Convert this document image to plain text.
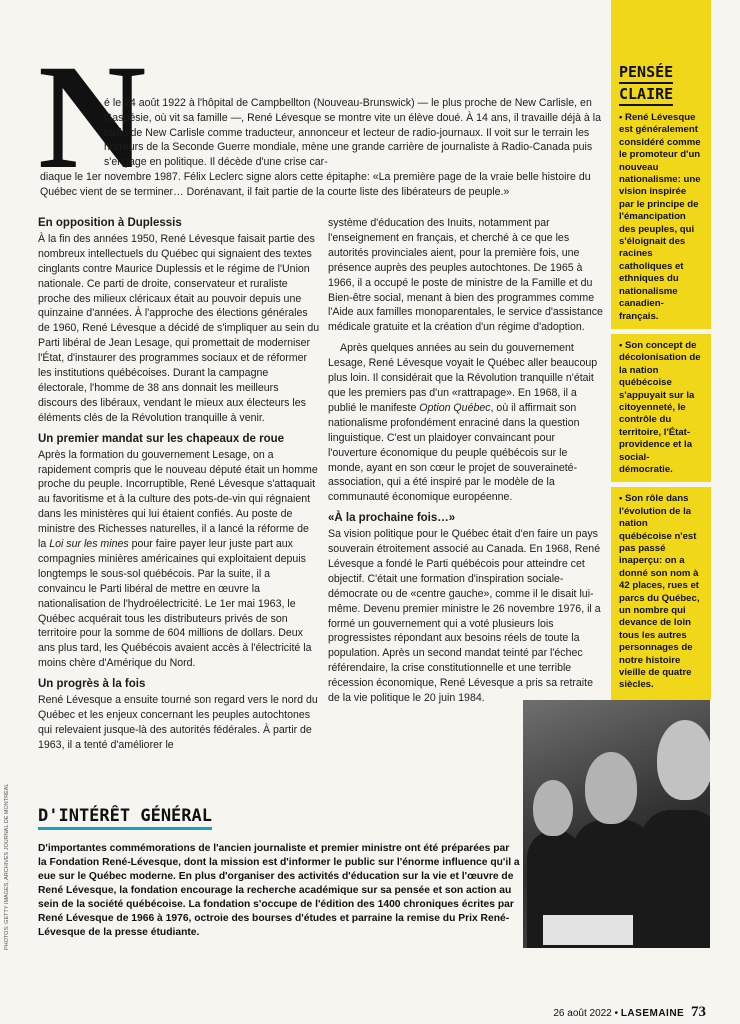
N

é le 24 août 1922 à l'hôpital de Campbellton (Nouveau-Brunswick) — le plus proche de New Carlisle, en Gaspésie, où vit sa famille —, René Lévesque se montre vite un élève doué. À 14 ans, il travaille déjà à la radio de New Carlisle comme traducteur, annonceur et lecteur de radio-journaux. Il voit sur le terrain les horreurs de la Seconde Guerre mondiale, mène une grande carrière de journaliste à Radio-Canada puis s'engage en politique. Il décède d'une crise car-

diaque le 1er novembre 1987. Félix Leclerc signe alors cette épitaphe: «La première page de la vraie belle histoire du Québec vient de se terminer… Dorénavant, il fait partie de la courte liste des libérateurs de peuple.»

En opposition à Duplessis

À la fin des années 1950, René Lévesque faisait partie des nombreux intellectuels du Québec qui signaient des textes cinglants contre Maurice Duplessis et le régime de l'Union nationale. Ce parti de droite, conservateur et ruraliste proche des milieux cléricaux était au pouvoir depuis une quinzaine d'années. À l'approche des élections générales de 1960, René Lévesque a décidé de s'impliquer au sein du Parti libéral de Jean Lesage, qui promettait de moderniser l'État, d'instaurer des programmes sociaux et de réformer les institutions québécoises. Durant la campagne électorale, l'homme de 38 ans donnait les meilleurs discours des libéraux, vendant le mieux aux électeurs les éléments clés de la Révolution tranquille à venir.

Un premier mandat sur les chapeaux de roue

Après la formation du gouvernement Lesage, on a rapidement compris que le nouveau député était un homme proche du peuple. Incorruptible, René Lévesque s'attaquait au favoritisme et à la culture des pots-de-vin qui régnaient dans les ministères qui lui étaient confiés. Au poste de ministre des Richesses naturelles, il a lancé la réforme de la Loi sur les mines pour faire payer leur juste part aux compagnies minières américaines qui exploitaient depuis longtemps le sous-sol québécois. Par la suite, il a convaincu le Parti libéral de mettre en œuvre la nationalisation de l'hydroélectricité. Le 1er mai 1963, le Québec acquérait tous les distributeurs privés de son territoire pour la somme de 604 millions de dollars. Deux ans plus tard, les Québécois avaient accès à l'électricité la moins chère d'Amérique du Nord.

Un progrès à la fois

René Lévesque a ensuite tourné son regard vers le nord du Québec et les enjeux concernant les peuples autochtones qui relevaient jusque-là des autorités fédérales. À partir de 1963, il a tenté d'améliorer le

système d'éducation des Inuits, notamment par l'enseignement en français, et cherché à ce que les autorités provinciales aient, pour la première fois, une présence auprès des peuples autochtones. De 1965 à 1966, il a occupé le poste de ministre de la Famille et du Bien-être social, menant à bien des programmes comme l'Aide aux familles monoparentales, le service d'assistance médicale gratuite et la création d'un régime d'adoption.

Après quelques années au sein du gouvernement Lesage, René Lévesque voyait le Québec aller beaucoup plus loin. Il considérait que la Révolution tranquille n'était que les premiers pas d'un «rattrapage». En 1968, il a publié le manifeste Option Québec, où il affirmait son nationalisme profondément enraciné dans la question linguistique. C'est un plaidoyer convaincant pour l'ouverture économique du peuple québécois sur le monde, ayant en son cœur le projet de souveraineté-association, qui a été inspiré par le modèle de la communauté économique européenne.

«À la prochaine fois…»

Sa vision politique pour le Québec était d'en faire un pays souverain étroitement associé au Canada. En 1968, René Lévesque a fondé le Parti québécois pour atteindre cet objectif. C'était une formation d'inspiration sociale-démocrate ou de «centre gauche», comme il le disait lui-même. Devenu premier ministre le 26 novembre 1976, il a formé un gouvernement qui a voté plusieurs lois progressistes répondant aux besoins réels de toute la population. Après un second mandat teinté par l'échec référendaire, la crise constitutionnelle et une terrible récession économique, René Lévesque a pris sa retraite de la vie politique le 20 juin 1984.

PENSÉE
CLAIRE
• René Lévesque est généralement considéré comme le promoteur d'un nouveau nationalisme: une vision inspirée par le principe de l'émancipation des peuples, qui s'éloignait des racines catholiques et ethniques du nationalisme canadien-français.
• Son concept de décolonisation de la nation québécoise s'appuyait sur la citoyenneté, le contrôle du territoire, l'État-providence et la social-démocratie.
• Son rôle dans l'évolution de la nation québécoise n'est pas passé inaperçu: on a donné son nom à 42 places, rues et parcs du Québec, un nombre qui devance de loin tous les autres personnages de notre histoire vieille de quatre siècles.
D'INTÉRÊT GÉNÉRAL

D'importantes commémorations de l'ancien journaliste et premier ministre ont été préparées par la Fondation René-Lévesque, dont la mission est d'informer le public sur l'énorme influence qu'il a eue sur le Québec moderne. En plus d'organiser des activités d'éducation sur la vie et l'œuvre de René Lévesque, la fondation encourage la recherche académique sur sa pensée et son action au sein de la société québécoise. La fondation s'occupe de l'édition des 1400 chroniques écrites par René Lévesque de 1966 à 1976, octroie des bourses d'études et parraine la remise du Prix René-Lévesque de la presse étudiante.

PHOTOS: GETTY IMAGES, ARCHIVES JOURNAL DE MONTRÉAL
26 août 2022 • LASEMAINE 73
